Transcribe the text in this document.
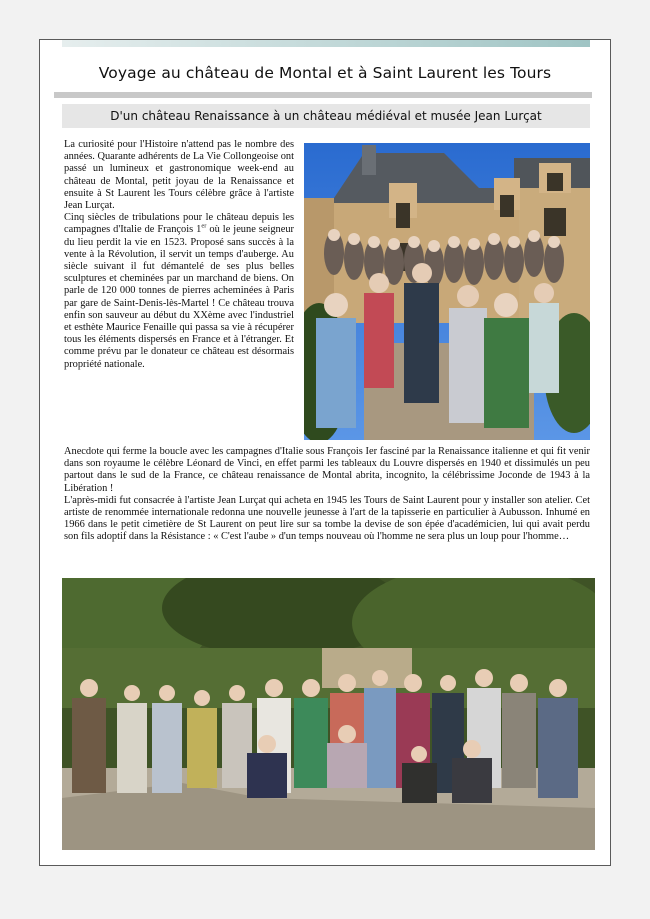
Voyage au château de Montal et à Saint Laurent les Tours
D'un château Renaissance à un château médiéval et musée Jean Lurçat

La curiosité pour l'Histoire n'attend pas le nombre des années. Quarante adhérents de La Vie Collongeoise ont passé un lumineux et gastronomique week-end au château de Montal, petit joyau de la Renaissance et ensuite à St Laurent les Tours célèbre grâce à l'artiste Jean Lurçat.

Cinq siècles de tribulations pour le château depuis les campagnes d'Italie de François 1er où le jeune seigneur du lieu perdit la vie en 1523. Proposé sans succès à la vente à la Révolution, il servit un temps d'auberge. Au siècle suivant il fut démantelé de ses plus belles sculptures et cheminées par un marchand de biens. On parle de 120 000 tonnes de pierres acheminées à Paris par gare de Saint-Denis-lès-Martel ! Ce château trouva enfin son sauveur au début du XXème avec l'industriel et esthète Maurice Fenaille qui passa sa vie à récupérer tous les éléments dispersés en France et à l'étranger. Et comme prévu par le donateur ce château est désormais propriété nationale.

Anecdote qui ferme la boucle avec les campagnes d'Italie sous François Ier fasciné par la Renaissance italienne et qui fit venir dans son royaume le célèbre Léonard de Vinci, en effet parmi les tableaux du Louvre dispersés en 1940 et dissimulés un peu partout dans le sud de la France, ce château renaissance de Montal abrita, incognito, la célébrissime Joconde de 1943 à la Libération !

L'après-midi fut consacrée à l'artiste Jean Lurçat qui acheta en 1945 les Tours de Saint Laurent pour y installer son atelier. Cet artiste de renommée internationale redonna une nouvelle jeunesse à l'art de la tapisserie en particulier à Aubusson. Inhumé en 1966 dans le petit cimetière de St Laurent on peut lire sur sa tombe la devise de son épée d'académicien, lui qui avait perdu son fils adoptif dans la Résistance : « C'est l'aube » d'un temps nouveau où l'homme ne sera plus un loup pour l'homme…
